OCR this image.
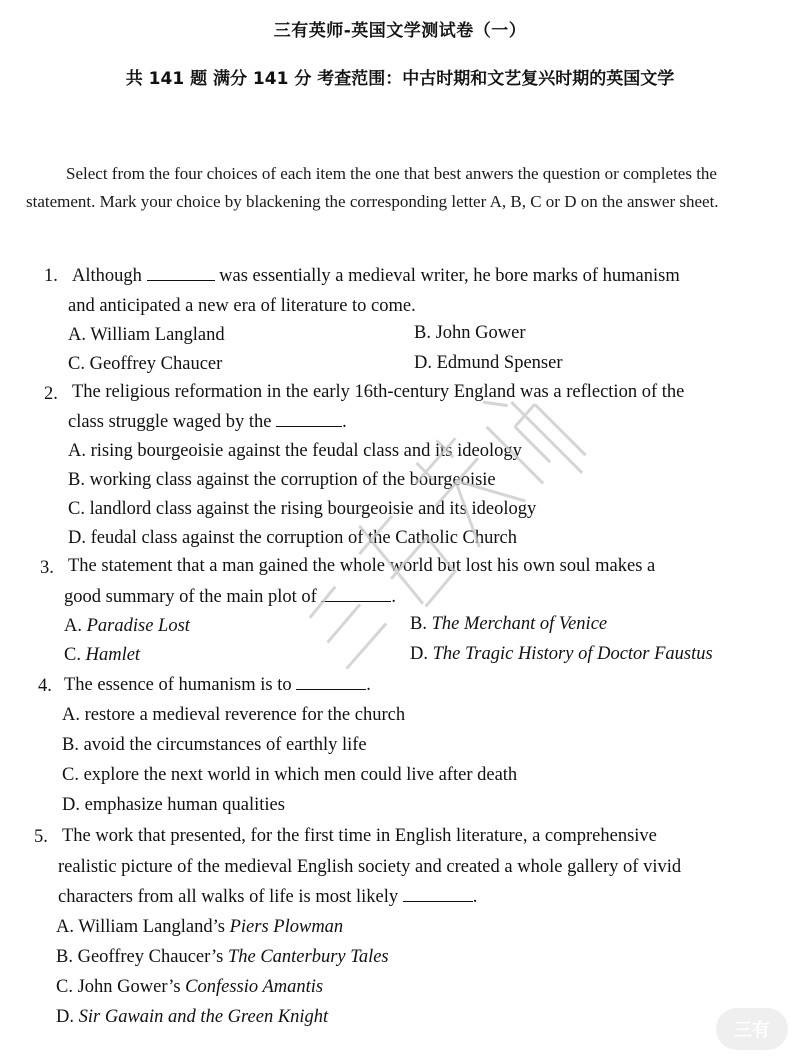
三有英师-英国文学测试卷（一）
共 141 题 满分 141 分 考查范围：中古时期和文艺复兴时期的英国文学
Select from the four choices of each item the one that best anwers the question or completes the statement. Mark your choice by blackening the corresponding letter A, B, C or D on the answer sheet.
1. Although	was essentially a medieval writer, he bore marks of humanism
and anticipated a new era of literature to come.
A. William Langland	B. John Gower
C. Geoffrey Chaucer	D. Edmund Spenser
2. The religious reformation in the early 16th-century England was a reflection of the
class struggle waged by the	.
A. rising bourgeoisie against the feudal class and its ideology
B. working class against the corruption of the bourgeoisie
C. landlord class against the rising bourgeoisie and its ideology
D. feudal class against the corruption of the Catholic Church
3. The statement that a man gained the whole world but lost his own soul makes a
good summary of the main plot of	.
A. Paradise Lost	B. The Merchant of Venice
C. Hamlet	D. The Tragic History of Doctor Faustus
4. The essence of humanism is to	.
A. restore a medieval reverence for the church
B. avoid the circumstances of earthly life
C. explore the next world in which men could live after death
D. emphasize human qualities
5. The work that presented, for the first time in English literature, a comprehensive
realistic picture of the medieval English society and created a whole gallery of vivid
characters from all walks of life is most likely	.
A. William Langland’s Piers Plowman
B. Geoffrey Chaucer’s The Canterbury Tales
C. John Gower’s Confessio Amantis
D. Sir Gawain and the Green Knight
三有
